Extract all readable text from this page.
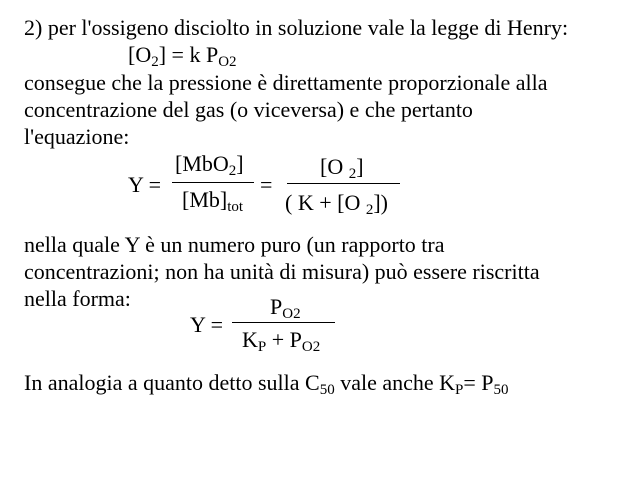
2) per l'ossigeno disciolto in soluzione vale la legge di Henry:
[O2] = k PO2
consegue che la pressione è direttamente proporzionale alla
concentrazione del gas (o viceversa) e che pertanto
l'equazione:
Y =
[MbO2]
[Mb]tot
=
[O 2]
( K + [O 2])
nella quale Y è un numero puro (un rapporto tra
concentrazioni; non ha unità di misura) può essere riscritta
nella forma:	PO2
Y =
KP + PO2
In analogia a quanto detto sulla C50 vale anche KP= P50
